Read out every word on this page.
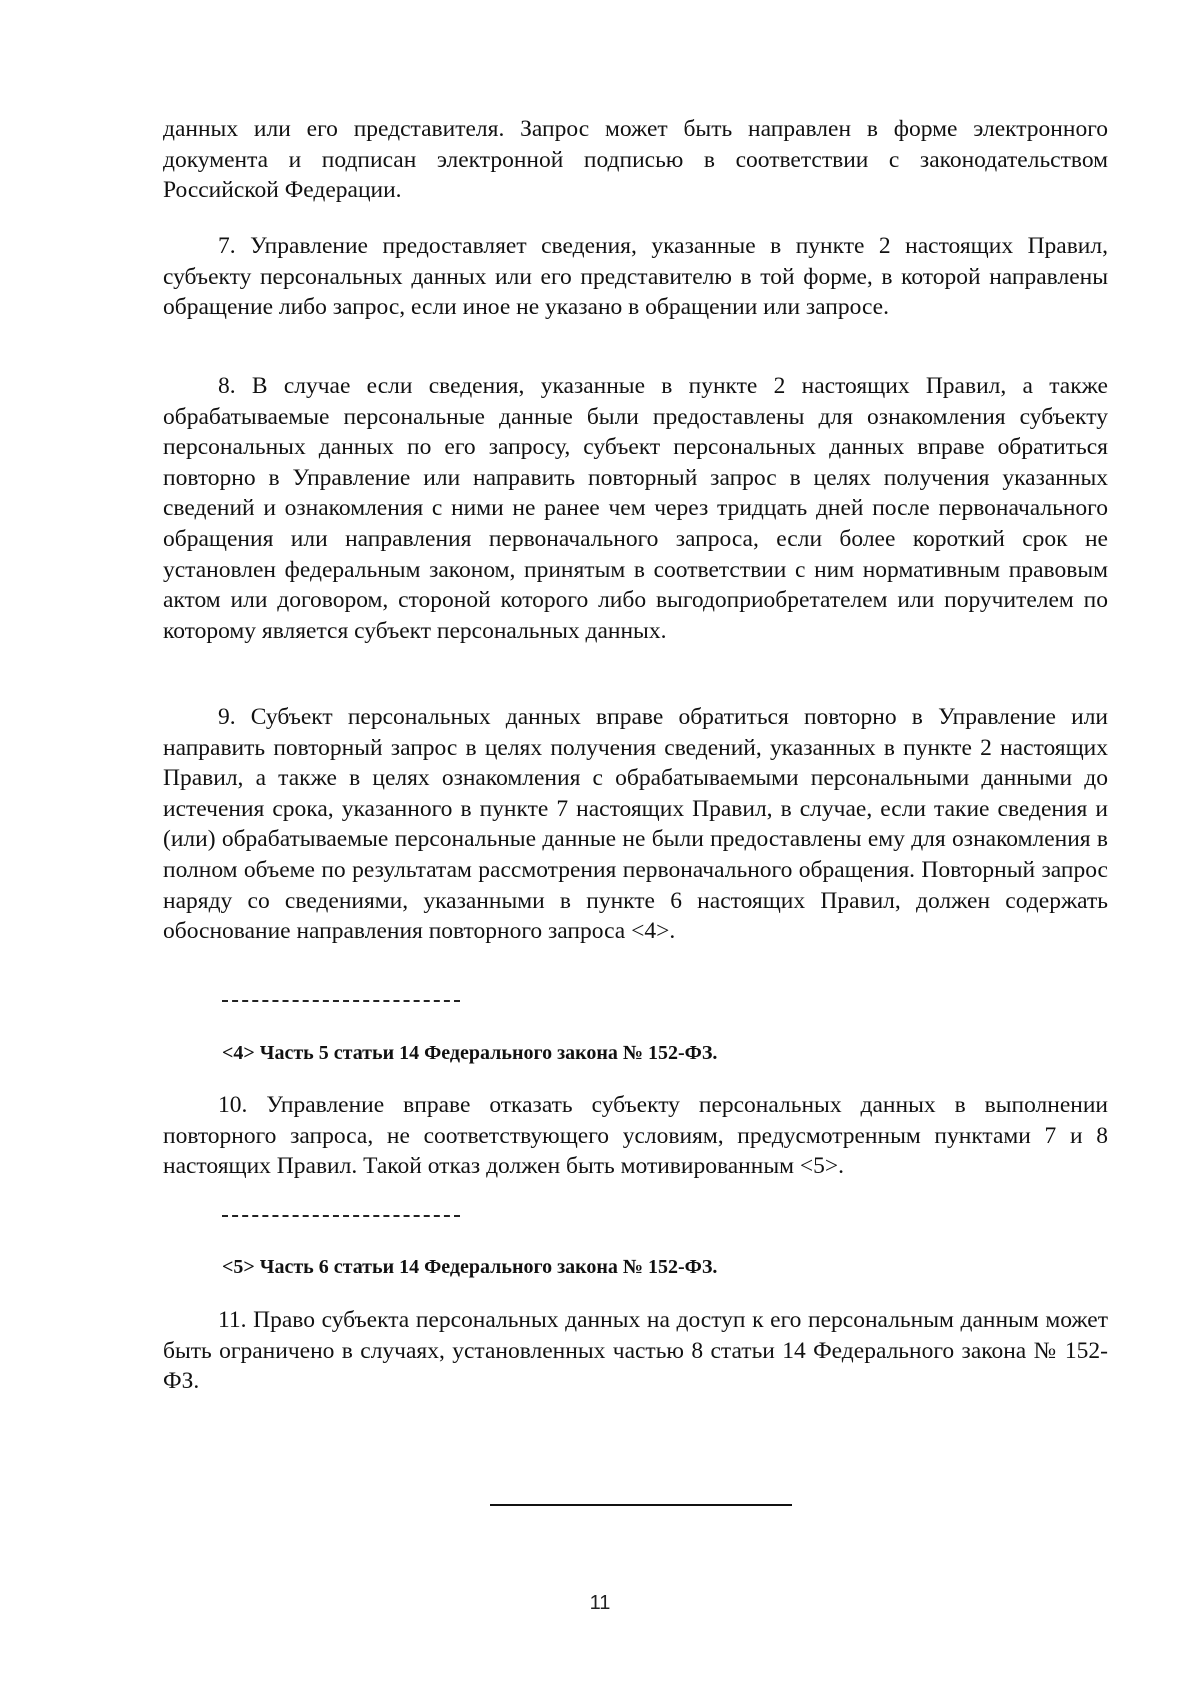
данных или его представителя. Запрос может быть направлен в форме электронного документа и подписан электронной подписью в соответствии с законодательством Российской Федерации.

7. Управление предоставляет сведения, указанные в пункте 2 настоящих Правил, субъекту персональных данных или его представителю в той форме, в которой направлены обращение либо запрос, если иное не указано в обращении или запросе.

8. В случае если сведения, указанные в пункте 2 настоящих Правил, а также обрабатываемые персональные данные были предоставлены для ознакомления субъекту персональных данных по его запросу, субъект персональных данных вправе обратиться повторно в Управление или направить повторный запрос в целях получения указанных сведений и ознакомления с ними не ранее чем через тридцать дней после первоначального обращения или направления первоначального запроса, если более короткий срок не установлен федеральным законом, принятым в соответствии с ним нормативным правовым актом или договором, стороной которого либо выгодоприобретателем или поручителем по которому является субъект персональных данных.

9. Субъект персональных данных вправе обратиться повторно в Управление или направить повторный запрос в целях получения сведений, указанных в пункте 2 настоящих Правил, а также в целях ознакомления с обрабатываемыми персональными данными до истечения срока, указанного в пункте 7 настоящих Правил, в случае, если такие сведения и (или) обрабатываемые персональные данные не были предоставлены ему для ознакомления в полном объеме по результатам рассмотрения первоначального обращения. Повторный запрос наряду со сведениями, указанными в пункте 6 настоящих Правил, должен содержать обоснование направления повторного запроса <4>.

<4> Часть 5 статьи 14 Федерального закона № 152-ФЗ.

10. Управление вправе отказать субъекту персональных данных в выполнении повторного запроса, не соответствующего условиям, предусмотренным пунктами 7 и 8 настоящих Правил. Такой отказ должен быть мотивированным <5>.

<5> Часть 6 статьи 14 Федерального закона № 152-ФЗ.

11. Право субъекта персональных данных на доступ к его персональным данным может быть ограничено в случаях, установленных частью 8 статьи 14 Федерального закона № 152-ФЗ.

11
